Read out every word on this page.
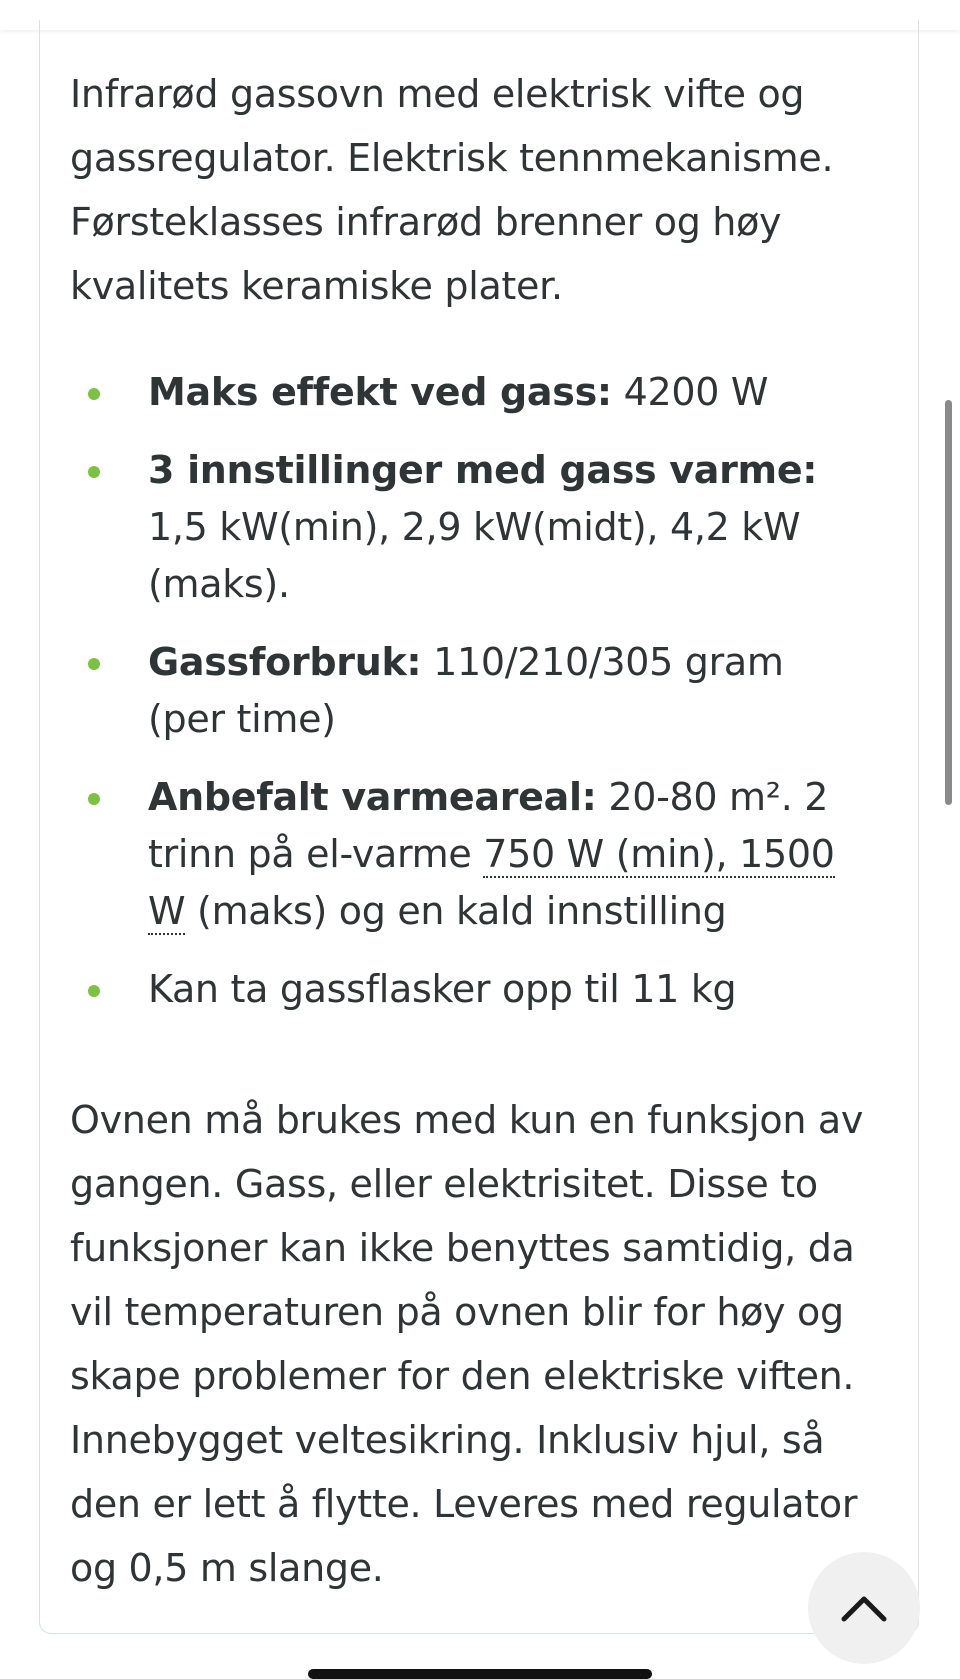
Infrarød gassovn med elektrisk vifte og gassregulator. Elektrisk tennmekanisme. Førsteklasses infrarød brenner og høy kvalitets keramiske plater.
Maks effekt ved gass: 4200 W
3 innstillinger med gass varme: 1,5 kW(min), 2,9 kW(midt), 4,2 kW (maks).
Gassforbruk: 110/210/305 gram (per time)
Anbefalt varmeareal: 20-80 m². 2 trinn på el-varme 750 W (min), 1500 W (maks) og en kald innstilling
Kan ta gassflasker opp til 11 kg
Ovnen må brukes med kun en funksjon av gangen. Gass, eller elektrisitet. Disse to funksjoner kan ikke benyttes samtidig, da vil temperaturen på ovnen blir for høy og skape problemer for den elektriske viften. Innebygget veltesikring. Inklusiv hjul, så den er lett å flytte. Leveres med regulator og 0,5 m slange.
